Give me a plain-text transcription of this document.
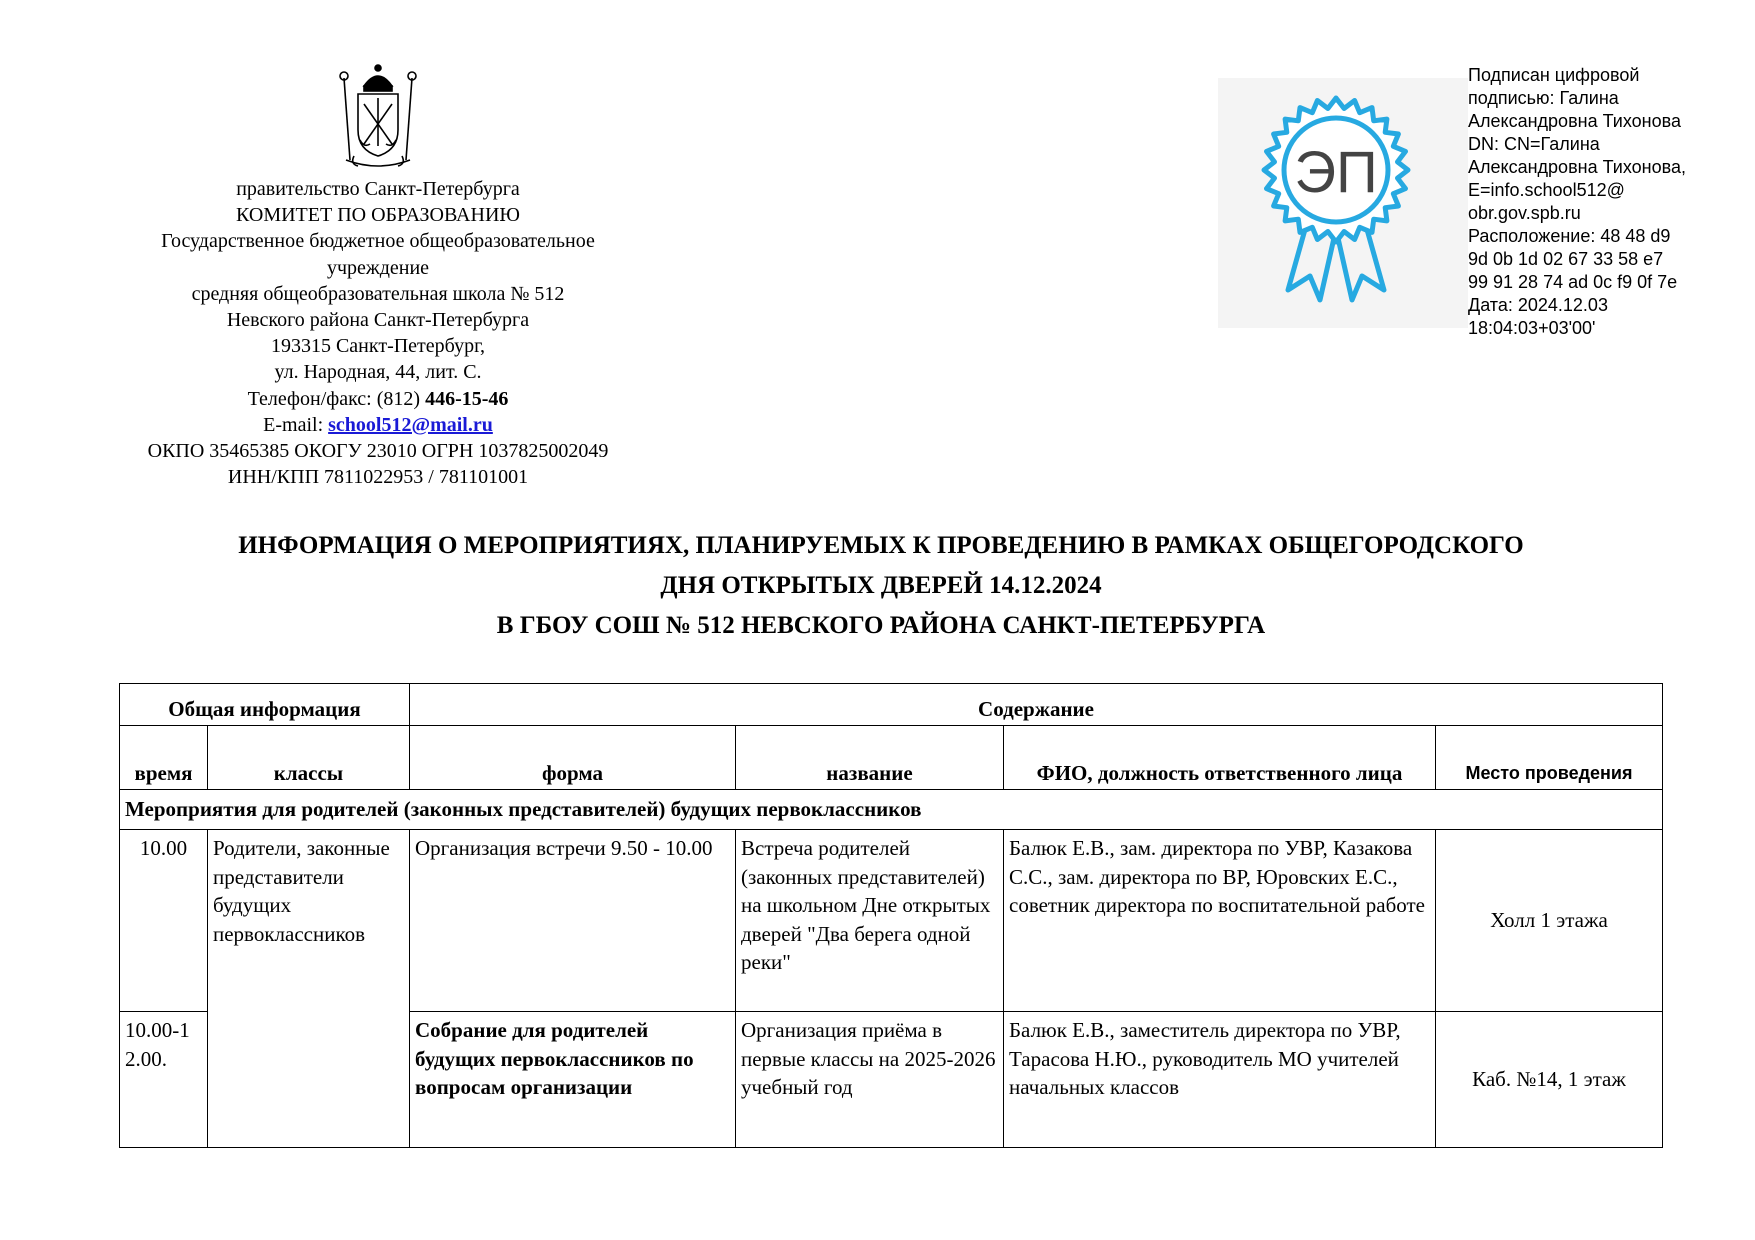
правительство Санкт-Петербурга
КОМИТЕТ ПО ОБРАЗОВАНИЮ
Государственное бюджетное общеобразовательное
учреждение
средняя общеобразовательная школа № 512
Невского района Санкт-Петербурга
193315 Санкт-Петербург,
ул. Народная, 44, лит. С.
Телефон/факс: (812) 446-15-46
E-mail: school512@mail.ru
ОКПО 35465385 ОКОГУ 23010 ОГРН 1037825002049
ИНН/КПП 7811022953 / 781101001
ЭП
Подписан цифровой
подписью: Галина
Александровна Тихонова
DN: CN=Галина
Александровна Тихонова,
E=info.school512@
obr.gov.spb.ru
Расположение: 48 48 d9
9d 0b 1d 02 67 33 58 e7
99 91 28 74 ad 0c f9 0f 7e
Дата: 2024.12.03
18:04:03+03'00'
ИНФОРМАЦИЯ О МЕРОПРИЯТИЯХ, ПЛАНИРУЕМЫХ К ПРОВЕДЕНИЮ В РАМКАХ ОБЩЕГОРОДСКОГО
ДНЯ ОТКРЫТЫХ ДВЕРЕЙ 14.12.2024
В ГБОУ СОШ № 512 НЕВСКОГО РАЙОНА САНКТ-ПЕТЕРБУРГА
Общая информация		Содержание			
время	классы	форма	название	ФИО, должность ответственного лица	Место проведения
Мероприятия для родителей (законных представителей) будущих первоклассников					
10.00	Родители, законные представители будущих первоклассников	Организация встречи 9.50 - 10.00	Встреча родителей (законных представителей) на школьном Дне открытых дверей "Два берега одной реки"	Балюк Е.В., зам. директора по УВР, Казакова С.С., зам. директора по ВР, Юровских Е.С., советник директора по воспитательной работе	Холл 1 этажа
10.00-12.00.		Собрание для родителей будущих первоклассников по вопросам организации	Организация приёма в первые классы на 2025-2026 учебный год	Балюк Е.В., заместитель директора по УВР, Тарасова Н.Ю., руководитель МО учителей начальных классов	Каб. №14, 1 этаж
